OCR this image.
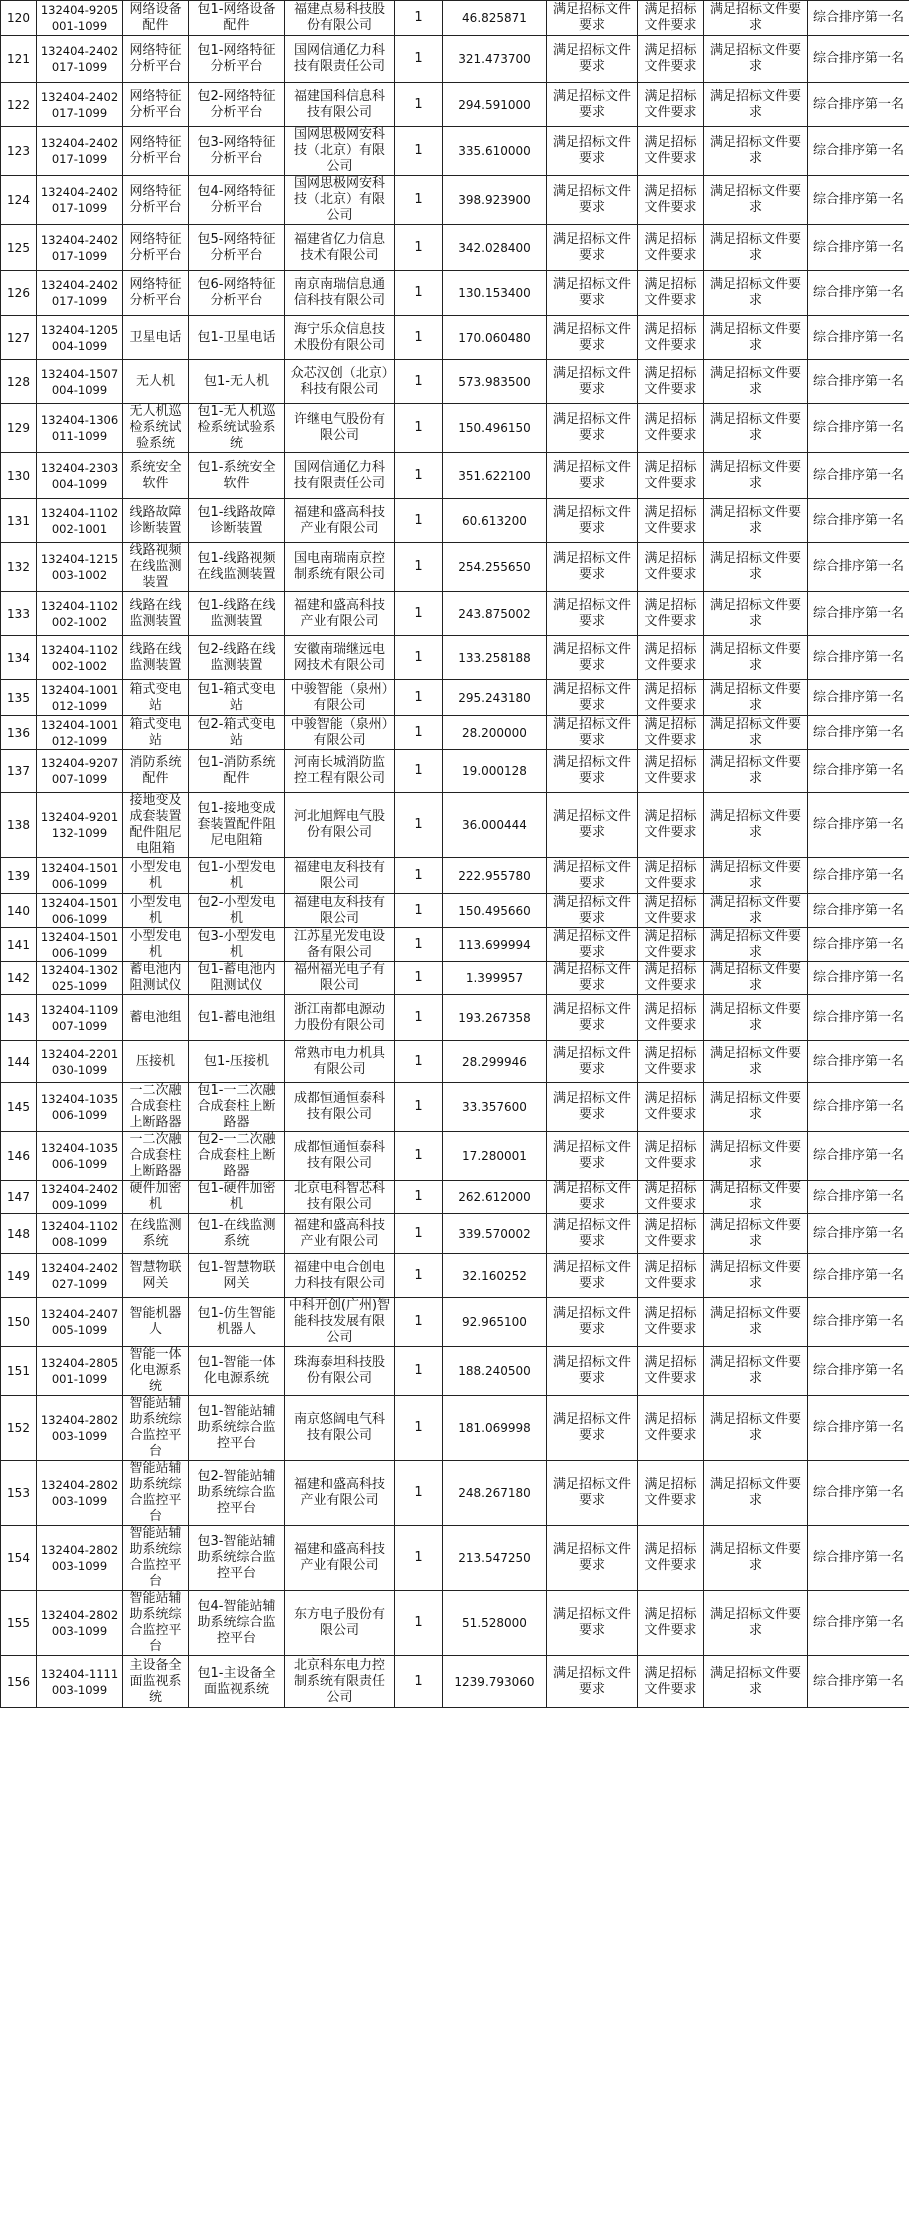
120	132404-9205001-1099	网络设备配件	包1-网络设备配件	福建点易科技股份有限公司	1	46.825871	满足招标文件要求	满足招标文件要求	满足招标文件要求	综合排序第一名
121	132404-2402017-1099	网络特征分析平台	包1-网络特征分析平台	国网信通亿力科技有限责任公司	1	321.473700	满足招标文件要求	满足招标文件要求	满足招标文件要求	综合排序第一名
122	132404-2402017-1099	网络特征分析平台	包2-网络特征分析平台	福建国科信息科技有限公司	1	294.591000	满足招标文件要求	满足招标文件要求	满足招标文件要求	综合排序第一名
123	132404-2402017-1099	网络特征分析平台	包3-网络特征分析平台	国网思极网安科技（北京）有限公司	1	335.610000	满足招标文件要求	满足招标文件要求	满足招标文件要求	综合排序第一名
124	132404-2402017-1099	网络特征分析平台	包4-网络特征分析平台	国网思极网安科技（北京）有限公司	1	398.923900	满足招标文件要求	满足招标文件要求	满足招标文件要求	综合排序第一名
125	132404-2402017-1099	网络特征分析平台	包5-网络特征分析平台	福建省亿力信息技术有限公司	1	342.028400	满足招标文件要求	满足招标文件要求	满足招标文件要求	综合排序第一名
126	132404-2402017-1099	网络特征分析平台	包6-网络特征分析平台	南京南瑞信息通信科技有限公司	1	130.153400	满足招标文件要求	满足招标文件要求	满足招标文件要求	综合排序第一名
127	132404-1205004-1099	卫星电话	包1-卫星电话	海宁乐众信息技术股份有限公司	1	170.060480	满足招标文件要求	满足招标文件要求	满足招标文件要求	综合排序第一名
128	132404-1507004-1099	无人机	包1-无人机	众芯汉创（北京）科技有限公司	1	573.983500	满足招标文件要求	满足招标文件要求	满足招标文件要求	综合排序第一名
129	132404-1306011-1099	无人机巡检系统试验系统	包1-无人机巡检系统试验系统	许继电气股份有限公司	1	150.496150	满足招标文件要求	满足招标文件要求	满足招标文件要求	综合排序第一名
130	132404-2303004-1099	系统安全软件	包1-系统安全软件	国网信通亿力科技有限责任公司	1	351.622100	满足招标文件要求	满足招标文件要求	满足招标文件要求	综合排序第一名
131	132404-1102002-1001	线路故障诊断装置	包1-线路故障诊断装置	福建和盛高科技产业有限公司	1	60.613200	满足招标文件要求	满足招标文件要求	满足招标文件要求	综合排序第一名
132	132404-1215003-1002	线路视频在线监测装置	包1-线路视频在线监测装置	国电南瑞南京控制系统有限公司	1	254.255650	满足招标文件要求	满足招标文件要求	满足招标文件要求	综合排序第一名
133	132404-1102002-1002	线路在线监测装置	包1-线路在线监测装置	福建和盛高科技产业有限公司	1	243.875002	满足招标文件要求	满足招标文件要求	满足招标文件要求	综合排序第一名
134	132404-1102002-1002	线路在线监测装置	包2-线路在线监测装置	安徽南瑞继远电网技术有限公司	1	133.258188	满足招标文件要求	满足招标文件要求	满足招标文件要求	综合排序第一名
135	132404-1001012-1099	箱式变电站	包1-箱式变电站	中骏智能（泉州）有限公司	1	295.243180	满足招标文件要求	满足招标文件要求	满足招标文件要求	综合排序第一名
136	132404-1001012-1099	箱式变电站	包2-箱式变电站	中骏智能（泉州）有限公司	1	28.200000	满足招标文件要求	满足招标文件要求	满足招标文件要求	综合排序第一名
137	132404-9207007-1099	消防系统配件	包1-消防系统配件	河南长城消防监控工程有限公司	1	19.000128	满足招标文件要求	满足招标文件要求	满足招标文件要求	综合排序第一名
138	132404-9201132-1099	接地变及成套装置配件阻尼电阻箱	包1-接地变成套装置配件阻尼电阻箱	河北旭辉电气股份有限公司	1	36.000444	满足招标文件要求	满足招标文件要求	满足招标文件要求	综合排序第一名
139	132404-1501006-1099	小型发电机	包1-小型发电机	福建电友科技有限公司	1	222.955780	满足招标文件要求	满足招标文件要求	满足招标文件要求	综合排序第一名
140	132404-1501006-1099	小型发电机	包2-小型发电机	福建电友科技有限公司	1	150.495660	满足招标文件要求	满足招标文件要求	满足招标文件要求	综合排序第一名
141	132404-1501006-1099	小型发电机	包3-小型发电机	江苏星光发电设备有限公司	1	113.699994	满足招标文件要求	满足招标文件要求	满足招标文件要求	综合排序第一名
142	132404-1302025-1099	蓄电池内阻测试仪	包1-蓄电池内阻测试仪	福州福光电子有限公司	1	1.399957	满足招标文件要求	满足招标文件要求	满足招标文件要求	综合排序第一名
143	132404-1109007-1099	蓄电池组	包1-蓄电池组	浙江南都电源动力股份有限公司	1	193.267358	满足招标文件要求	满足招标文件要求	满足招标文件要求	综合排序第一名
144	132404-2201030-1099	压接机	包1-压接机	常熟市电力机具有限公司	1	28.299946	满足招标文件要求	满足招标文件要求	满足招标文件要求	综合排序第一名
145	132404-1035006-1099	一二次融合成套柱上断路器	包1-一二次融合成套柱上断路器	成都恒通恒泰科技有限公司	1	33.357600	满足招标文件要求	满足招标文件要求	满足招标文件要求	综合排序第一名
146	132404-1035006-1099	一二次融合成套柱上断路器	包2-一二次融合成套柱上断路器	成都恒通恒泰科技有限公司	1	17.280001	满足招标文件要求	满足招标文件要求	满足招标文件要求	综合排序第一名
147	132404-2402009-1099	硬件加密机	包1-硬件加密机	北京电科智芯科技有限公司	1	262.612000	满足招标文件要求	满足招标文件要求	满足招标文件要求	综合排序第一名
148	132404-1102008-1099	在线监测系统	包1-在线监测系统	福建和盛高科技产业有限公司	1	339.570002	满足招标文件要求	满足招标文件要求	满足招标文件要求	综合排序第一名
149	132404-2402027-1099	智慧物联网关	包1-智慧物联网关	福建中电合创电力科技有限公司	1	32.160252	满足招标文件要求	满足招标文件要求	满足招标文件要求	综合排序第一名
150	132404-2407005-1099	智能机器人	包1-仿生智能机器人	中科开创(广州)智能科技发展有限公司	1	92.965100	满足招标文件要求	满足招标文件要求	满足招标文件要求	综合排序第一名
151	132404-2805001-1099	智能一体化电源系统	包1-智能一体化电源系统	珠海泰坦科技股份有限公司	1	188.240500	满足招标文件要求	满足招标文件要求	满足招标文件要求	综合排序第一名
152	132404-2802003-1099	智能站辅助系统综合监控平台	包1-智能站辅助系统综合监控平台	南京悠阔电气科技有限公司	1	181.069998	满足招标文件要求	满足招标文件要求	满足招标文件要求	综合排序第一名
153	132404-2802003-1099	智能站辅助系统综合监控平台	包2-智能站辅助系统综合监控平台	福建和盛高科技产业有限公司	1	248.267180	满足招标文件要求	满足招标文件要求	满足招标文件要求	综合排序第一名
154	132404-2802003-1099	智能站辅助系统综合监控平台	包3-智能站辅助系统综合监控平台	福建和盛高科技产业有限公司	1	213.547250	满足招标文件要求	满足招标文件要求	满足招标文件要求	综合排序第一名
155	132404-2802003-1099	智能站辅助系统综合监控平台	包4-智能站辅助系统综合监控平台	东方电子股份有限公司	1	51.528000	满足招标文件要求	满足招标文件要求	满足招标文件要求	综合排序第一名
156	132404-1111003-1099	主设备全面监视系统	包1-主设备全面监视系统	北京科东电力控制系统有限责任公司	1	1239.793060	满足招标文件要求	满足招标文件要求	满足招标文件要求	综合排序第一名
